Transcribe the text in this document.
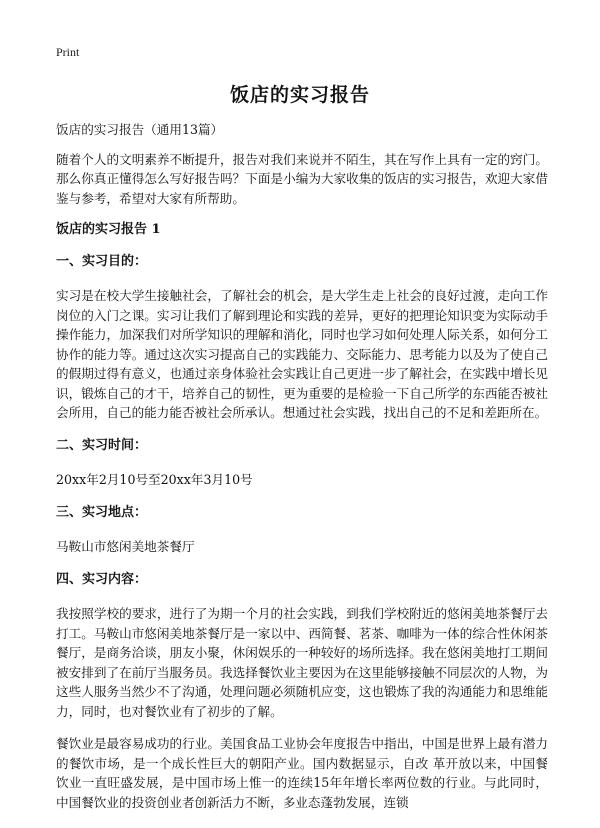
Print
饭店的实习报告

饭店的实习报告（通用13篇）

随着个人的文明素养不断提升，报告对我们来说并不陌生，其在写作上具有一定的窍门。那么你真正懂得怎么写好报告吗？下面是小编为大家收集的饭店的实习报告，欢迎大家借鉴与参考，希望对大家有所帮助。

饭店的实习报告 1

一、实习目的：

实习是在校大学生接触社会，了解社会的机会，是大学生走上社会的良好过渡，走向工作岗位的入门之课。实习让我们了解到理论和实践的差异，更好的把理论知识变为实际动手操作能力，加深我们对所学知识的理解和消化，同时也学习如何处理人际关系，如何分工协作的能力等。通过这次实习提高自己的实践能力、交际能力、思考能力以及为了使自己的假期过得有意义，也通过亲身体验社会实践让自己更进一步了解社会，在实践中增长见识，锻炼自己的才干，培养自己的韧性，更为重要的是检验一下自己所学的东西能否被社会所用，自己的能力能否被社会所承认。想通过社会实践，找出自己的不足和差距所在。

二、实习时间：

20xx年2月10号至20xx年3月10号

三、实习地点：

马鞍山市悠闲美地茶餐厅

四、实习内容：

我按照学校的要求，进行了为期一个月的社会实践，到我们学校附近的悠闲美地茶餐厅去打工。马鞍山市悠闲美地茶餐厅是一家以中、西简餐、茗茶、咖啡为一体的综合性休闲茶餐厅，是商务洽谈，朋友小聚，休闲娱乐的一种较好的场所选择。我在悠闲美地打工期间被安排到了在前厅当服务员。我选择餐饮业主要因为在这里能够接触不同层次的人物，为这些人服务当然少不了沟通，处理问题必须随机应变，这也锻炼了我的沟通能力和思维能力，同时，也对餐饮业有了初步的了解。

餐饮业是最容易成功的行业。美国食品工业协会年度报告中指出，中国是世界上最有潜力的餐饮市场，是一个成长性巨大的朝阳产业。国内数据显示，自改 革开放以来，中国餐饮业一直旺盛发展，是中国市场上惟一的连续15年年增长率两位数的行业。与此同时，中国餐饮业的投资创业者创新活力不断，多业态蓬勃发展，连锁
